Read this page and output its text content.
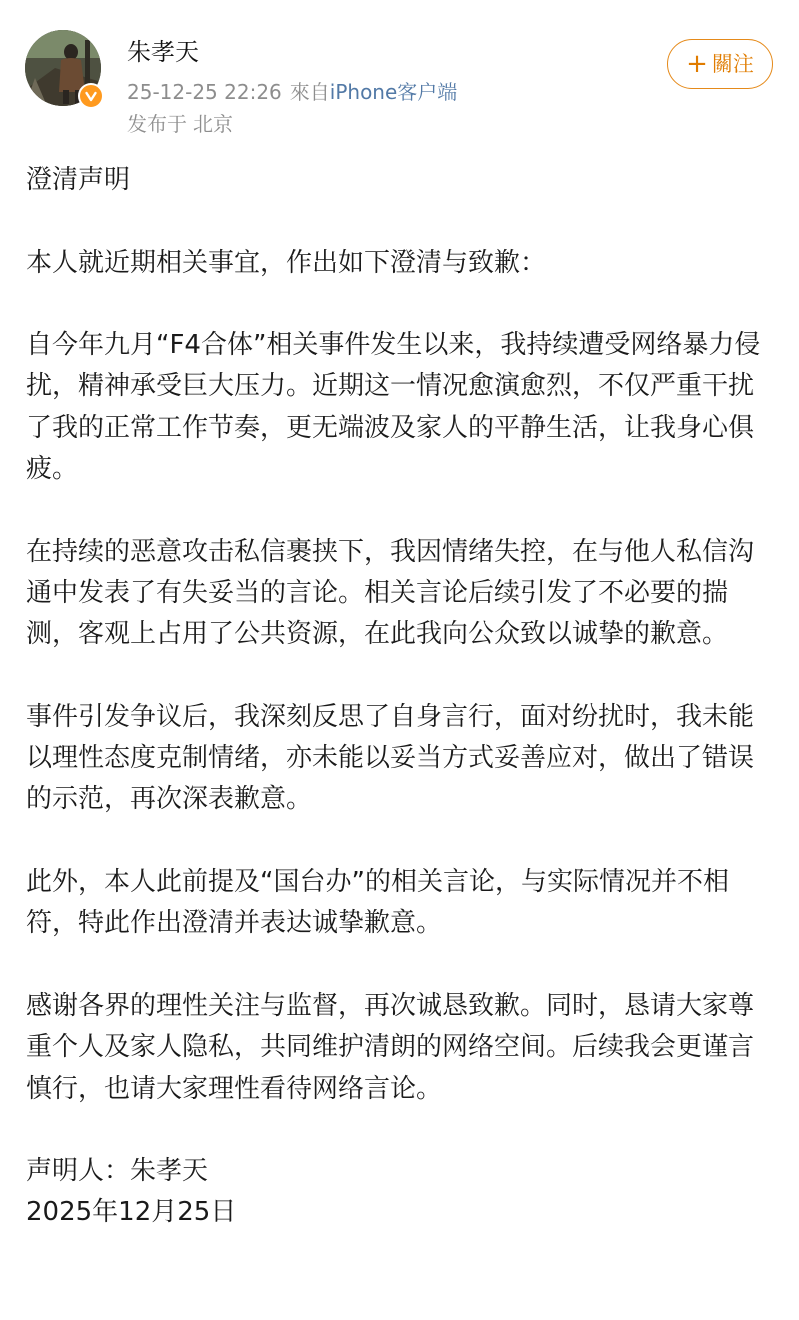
朱孝天
25-12-25 22:26 來自iPhone客户端
发布于 北京
+ 關注

澄清声明

本人就近期相关事宜，作出如下澄清与致歉：

自今年九月“F4合体”相关事件发生以来，我持续遭受网络暴力侵扰，精神承受巨大压力。近期这一情况愈演愈烈，不仅严重干扰了我的正常工作节奏，更无端波及家人的平静生活，让我身心俱疲。

在持续的恶意攻击私信裹挟下，我因情绪失控，在与他人私信沟通中发表了有失妥当的言论。相关言论后续引发了不必要的揣测，客观上占用了公共资源，在此我向公众致以诚挚的歉意。

事件引发争议后，我深刻反思了自身言行，面对纷扰时，我未能以理性态度克制情绪，亦未能以妥当方式妥善应对，做出了错误的示范，再次深表歉意。

此外，本人此前提及“国台办”的相关言论，与实际情况并不相符，特此作出澄清并表达诚挚歉意。

感谢各界的理性关注与监督，再次诚恳致歉。同时，恳请大家尊重个人及家人隐私，共同维护清朗的网络空间。后续我会更谨言慎行，也请大家理性看待网络言论。

声明人：朱孝天

2025年12月25日
